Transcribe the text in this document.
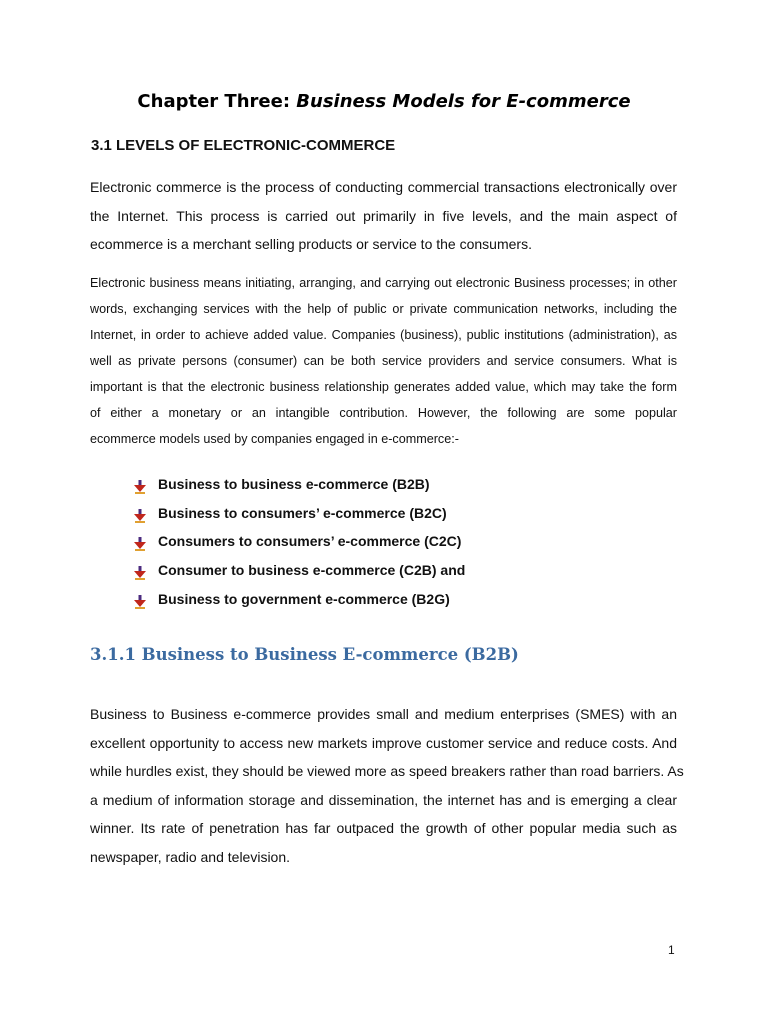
Chapter Three: Business Models for E-commerce
3.1 LEVELS OF ELECTRONIC-COMMERCE
Electronic commerce is the process of conducting commercial transactions electronically over
the Internet. This process is carried out primarily in five levels, and the main aspect of
ecommerce is a merchant selling products or service to the consumers.
Electronic business means initiating, arranging, and carrying out electronic Business processes; in other
words, exchanging services with the help of public or private communication networks, including the
Internet, in order to achieve added value. Companies (business), public institutions (administration), as
well as private persons (consumer) can be both service providers and service consumers. What is
important is that the electronic business relationship generates added value, which may take the form
of either a monetary or an intangible contribution. However, the following are some popular
ecommerce models used by companies engaged in e-commerce:-
Business to business e-commerce (B2B)
Business to consumers’ e-commerce (B2C)
Consumers to consumers’ e-commerce (C2C)
Consumer to business e-commerce (C2B) and
Business to government e-commerce (B2G)
3.1.1 Business to Business E-commerce (B2B)
Business to Business e-commerce provides small and medium enterprises (SMES) with an
excellent opportunity to access new markets improve customer service and reduce costs. And
while hurdles exist, they should be viewed more as speed breakers rather than road barriers. As
a medium of information storage and dissemination, the internet has and is emerging a clear
winner. Its rate of penetration has far outpaced the growth of other popular media such as
newspaper, radio and television.
1
